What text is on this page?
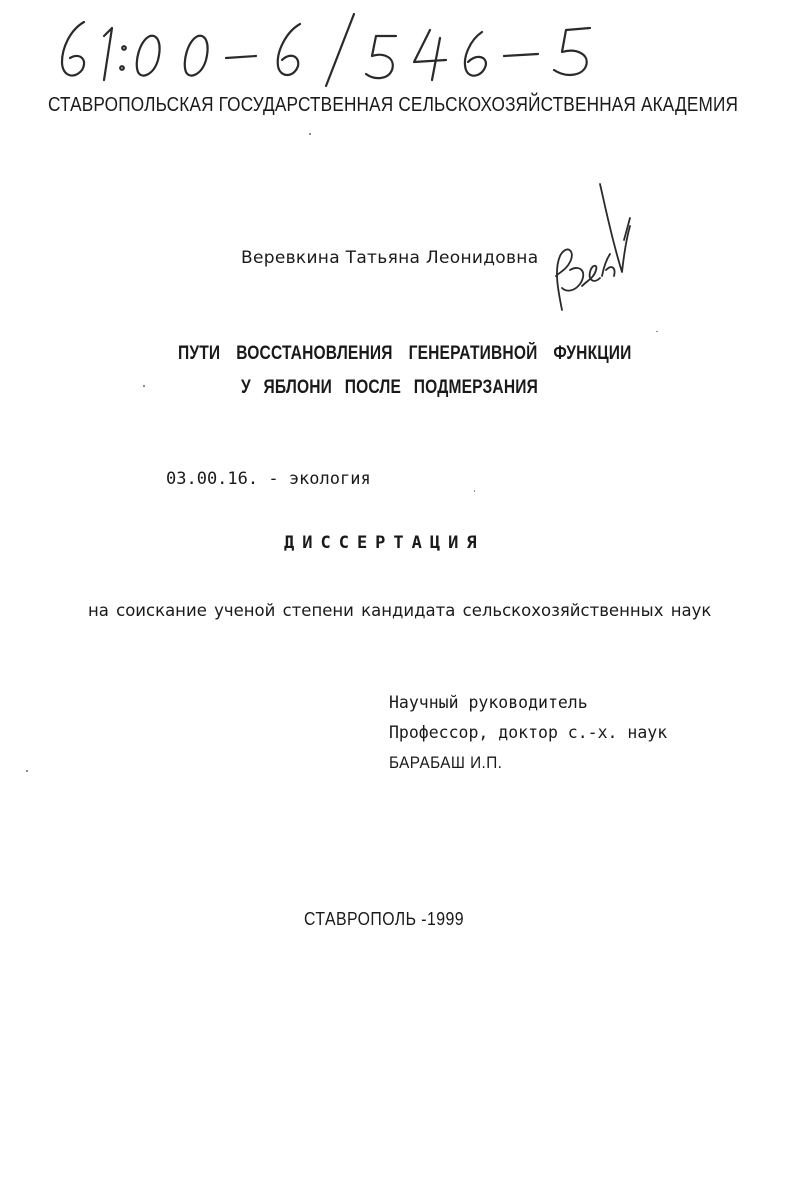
СТАВРОПОЛЬСКАЯ ГОСУДАРСТВЕННАЯ СЕЛЬСКОХОЗЯЙСТВЕННАЯ АКАДЕМИЯ
Веревкина Татьяна Леонидовна
ПУТИ ВОССТАНОВЛЕНИЯ ГЕНЕРАТИВНОЙ ФУНКЦИИ
У ЯБЛОНИ ПОСЛЕ ПОДМЕРЗАНИЯ
03.00.16. - экология
ДИССЕРТАЦИЯ
на соискание ученой степени кандидата сельскохозяйственных наук
Научный руководитель
Профессор, доктор с.-х. наук
БАРАБАШ И.П.
СТАВРОПОЛЬ -1999
